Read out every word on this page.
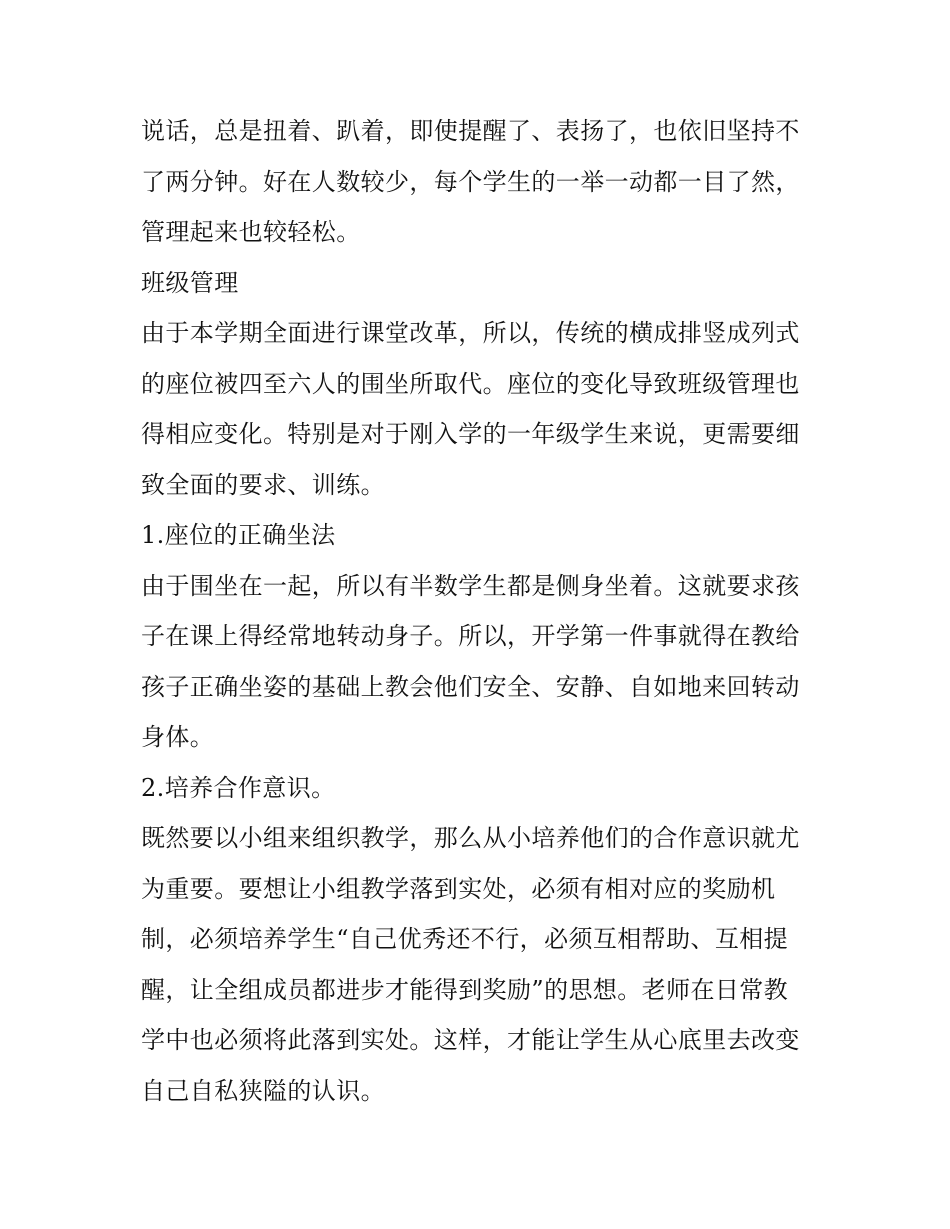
说话，总是扭着、趴着，即使提醒了、表扬了，也依旧坚持不
了两分钟。好在人数较少，每个学生的一举一动都一目了然，
管理起来也较轻松。
班级管理
由于本学期全面进行课堂改革，所以，传统的横成排竖成列式
的座位被四至六人的围坐所取代。座位的变化导致班级管理也
得相应变化。特别是对于刚入学的一年级学生来说，更需要细
致全面的要求、训练。
1.座位的正确坐法
由于围坐在一起，所以有半数学生都是侧身坐着。这就要求孩
子在课上得经常地转动身子。所以，开学第一件事就得在教给
孩子正确坐姿的基础上教会他们安全、安静、自如地来回转动
身体。
2.培养合作意识。
既然要以小组来组织教学，那么从小培养他们的合作意识就尤
为重要。要想让小组教学落到实处，必须有相对应的奖励机
制，必须培养学生“自己优秀还不行，必须互相帮助、互相提
醒，让全组成员都进步才能得到奖励”的思想。老师在日常教
学中也必须将此落到实处。这样，才能让学生从心底里去改变
自己自私狭隘的认识。
